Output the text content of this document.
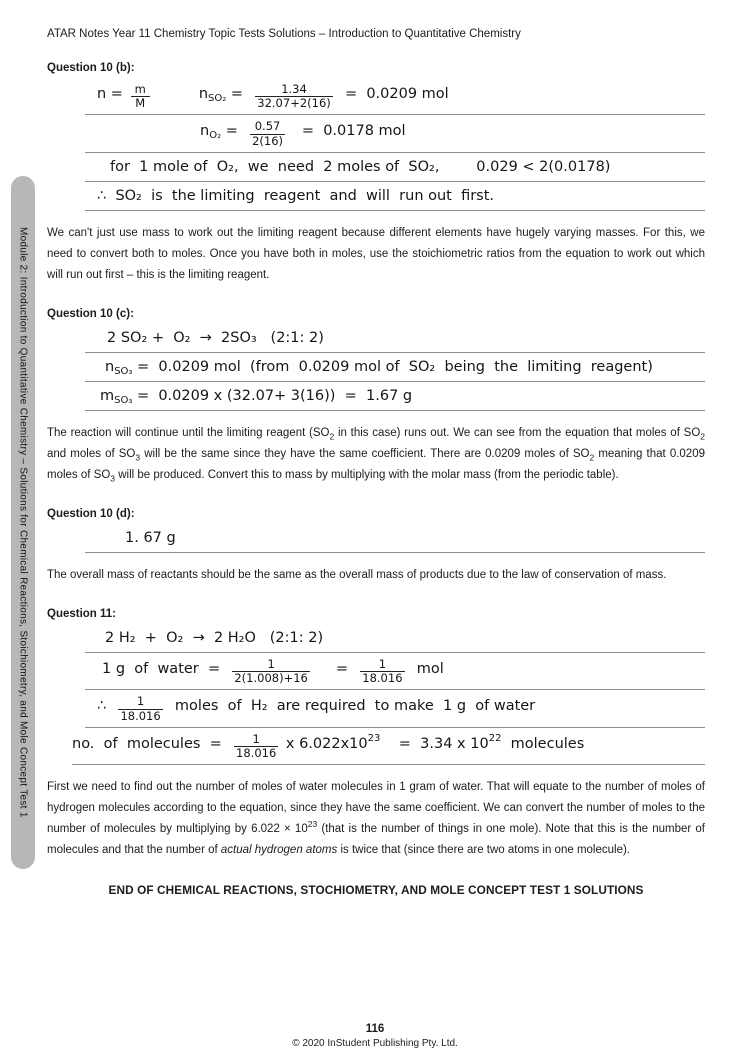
Module 2: Introduction to Quantitative Chemistry – Solutions for Chemical Reactions, Stoichiometry, and Mole Concept Test 1
ATAR Notes Year 11 Chemistry Topic Tests Solutions – Introduction to Quantitative Chemistry
Question 10 (b):
$n = \frac{m}{M} n_{SO_2} = \frac{1.34}{32.07+2(16)} = 0.0209$ mol
$n_{O_2} = \frac{0.57}{2(16)} = 0.0178$ mol
for  1 mole of  O₂,  we  need  2 moles of  SO₂,        0.029 < 2(0.0178)
∴  SO₂  is  the limiting  reagent  and  will  run out  first.
We can't just use mass to work out the limiting reagent because different elements have hugely varying masses. For this, we need to convert both to moles. Once you have both in moles, use the stoichiometric ratios from the equation to work out which will run out first – this is the limiting reagent.
Question 10 (c):
2 SO₂ +  O₂  →  2SO₃   (2:1: 2)
$n_{SO_3} = 0.0209$ mol  (from  0.0209 mol of  SO₂  being  the  limiting  reagent)
$m_{SO_3} = 0.0209$ x (32.07+ 3(16))  =  1.67 g
The reaction will continue until the limiting reagent ($SO_2$ in this case) runs out. We can see from the equation that moles of $SO_2$ and moles of $SO_3$ will be the same since they have the same coefficient. There are 0.0209 moles of $SO_2$ meaning that 0.0209 moles of $SO_3$ will be produced. Convert this to mass by multiplying with the molar mass (from the periodic table).
Question 10 (d):
1. 67 g
The overall mass of reactants should be the same as the overall mass of products due to the law of conservation of mass.
Question 11:
2 H₂  +  O₂  →  2 H₂O   (2:1: 2)
1 g  of  water  = $\frac{1}{2(1.008)+16} = \frac{1}{18.016}$ mol
∴ $\frac{1}{18.016}$ moles  of  H₂  are required  to make  1 g  of water
no.  of  molecules  = $\frac{1}{18.016}$ x $6.022x10^{23}$    =  3.34 x $10^{22}$  molecules
First we need to find out the number of moles of water molecules in 1 gram of water. That will equate to the number of moles of hydrogen molecules according to the equation, since they have the same coefficient. We can convert the number of moles to the number of molecules by multiplying by $6.022 \times 10^{23}$ (that is the number of things in one mole). Note that this is the number of molecules and that the number of actual hydrogen atoms is twice that (since there are two atoms in one molecule).
END OF CHEMICAL REACTIONS, STOCHIOMETRY, AND MOLE CONCEPT TEST 1 SOLUTIONS
116
© 2020 InStudent Publishing Pty. Ltd.
